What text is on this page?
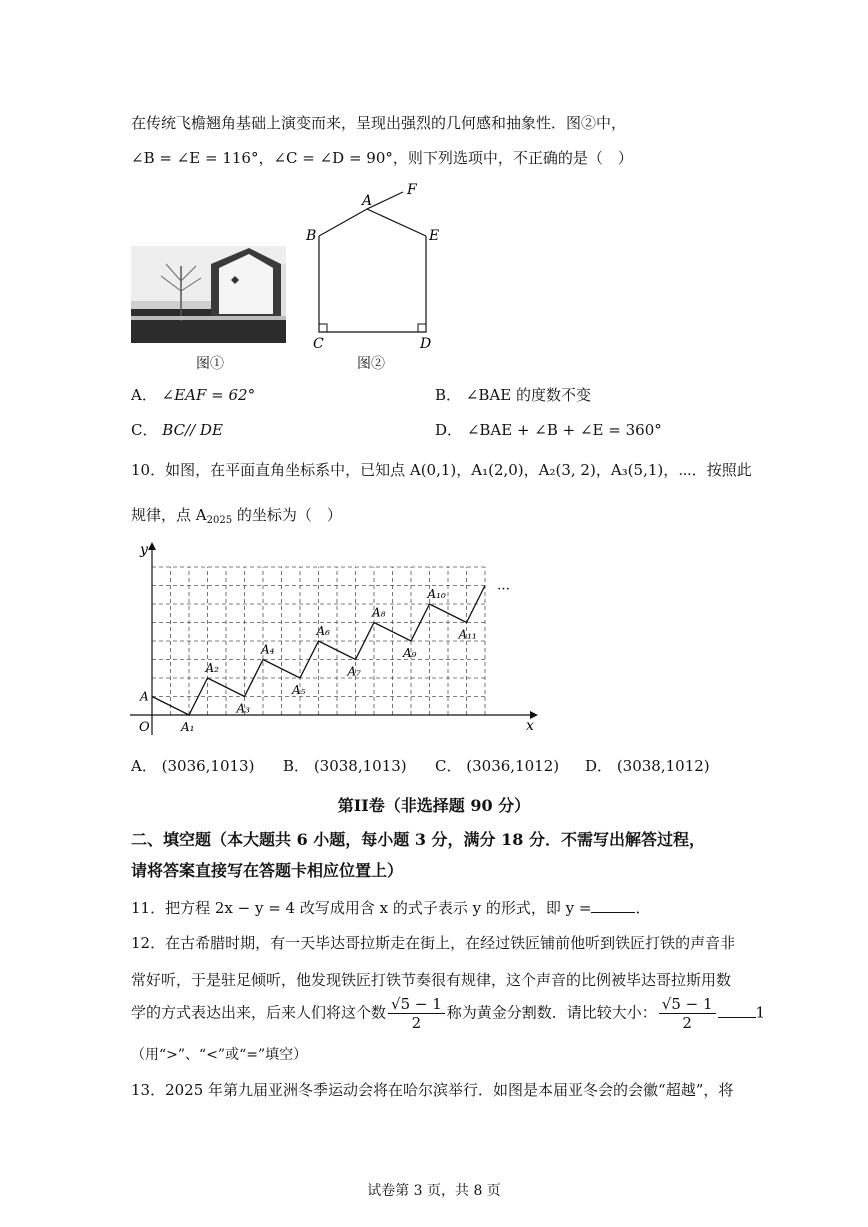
在传统飞檐翘角基础上演变而来，呈现出强烈的几何感和抽象性．图②中，
∠B = ∠E = 116°，∠C = ∠D = 90°，则下列选项中，不正确的是（　）
图①
A
F
B	E
C	D
图②
A． ∠EAF = 62°	B． ∠BAE 的度数不变
C． BC// DE	D． ∠BAE + ∠B + ∠E = 360°
10．如图，在平面直角坐标系中，已知点 A(0,1)，A₁(2,0)，A₂(3, 2)，A₃(5,1)，⋯．按照此
规律，点 $A_{2025}$ 的坐标为（　）
x
y
O
A
A₁
A₂
A₃
A₄
A₅
A₆
A₇
A₈
A₉
A₁₀
A₁₁
…
A． (3036,1013) B． (3038,1013) C． (3036,1012) D． (3038,1012)
第II卷（非选择题 90 分）
二、填空题（本大题共 6 小题，每小题 3 分，满分 18 分．不需写出解答过程，
请将答案直接写在答题卡相应位置上）
11．把方程 2x − y = 4 改写成用含 x 的式子表示 y 的形式，即 y =	．
12．在古希腊时期，有一天毕达哥拉斯走在街上，在经过铁匠铺前他听到铁匠打铁的声音非
常好听，于是驻足倾听，他发现铁匠打铁节奏很有规律，这个声音的比例被毕达哥拉斯用数
学的方式表达出来，后来人们将这个数 $\frac{√5 - 1}{2}$ 称为黄金分割数．请比较大小： $\frac{√5 - 1}{2}$	1
（用“>”、“<”或“=”填空）
13．2025 年第九届亚洲冬季运动会将在哈尔滨举行．如图是本届亚冬会的会徽“超越”，将
试卷第 3 页，共 8 页
